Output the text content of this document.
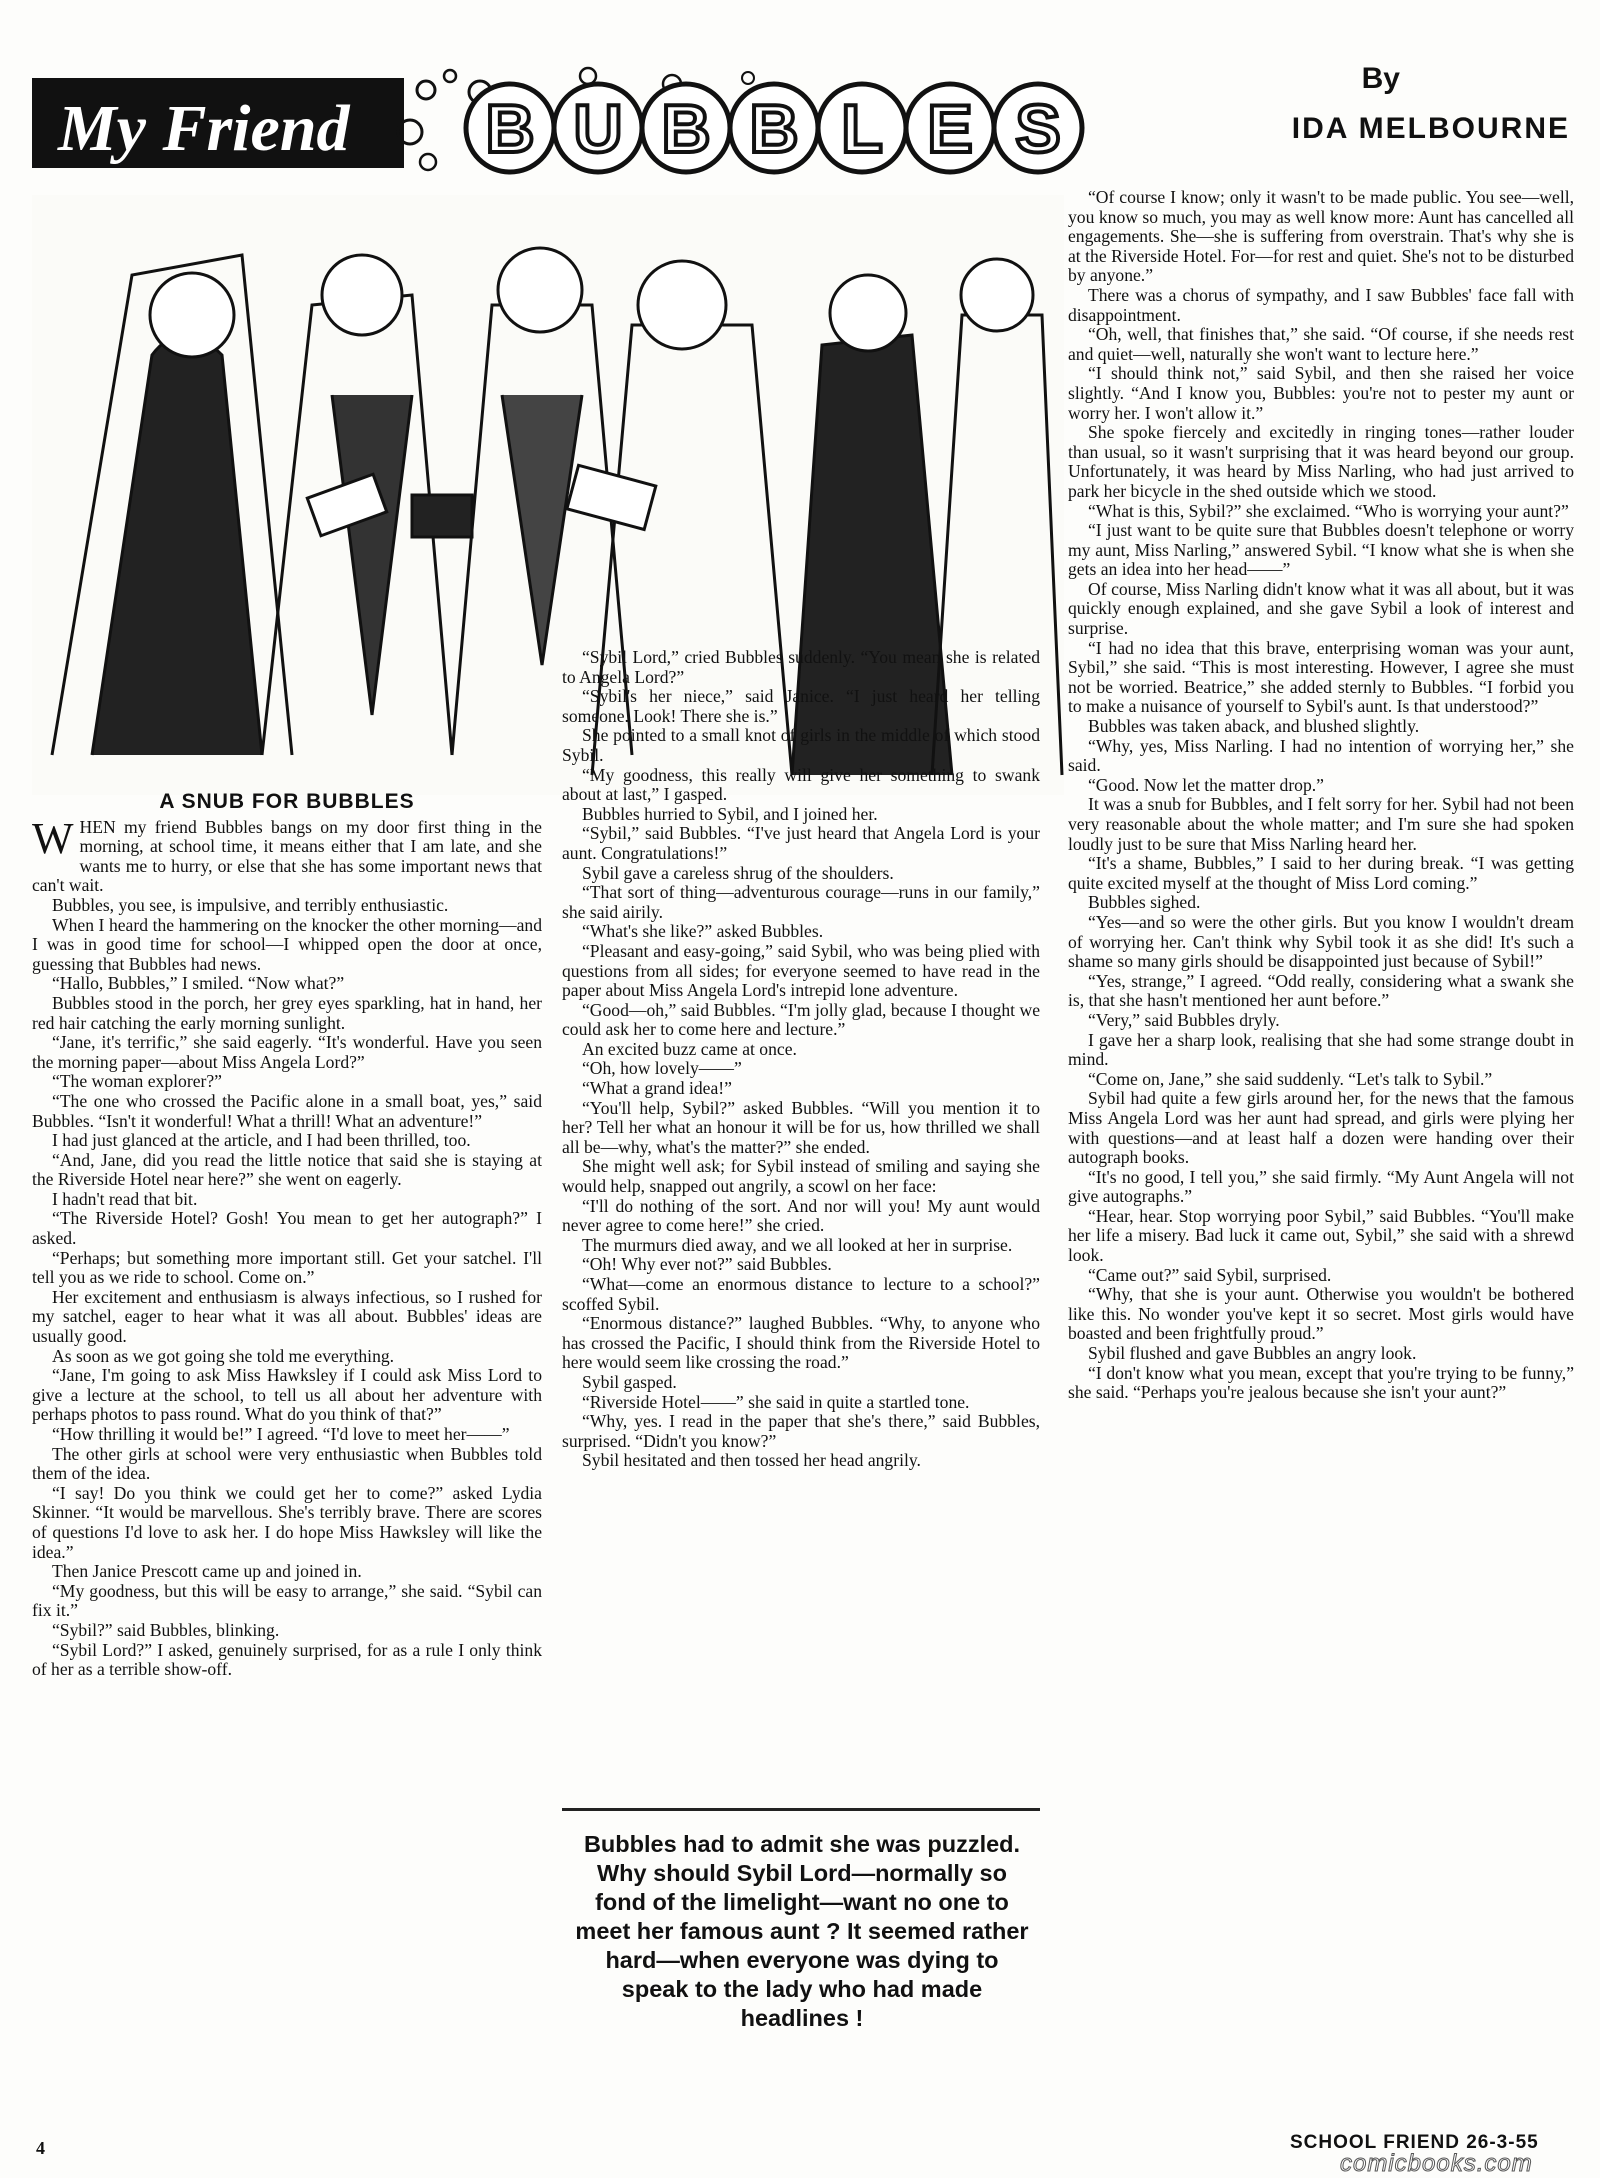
My Friend B U B B L E S
By
IDA MELBOURNE
A SNUB FOR BUBBLES

WHEN my friend Bubbles bangs on my door first thing in the morning, at school time, it means either that I am late, and she wants me to hurry, or else that she has some important news that can't wait.

Bubbles, you see, is impulsive, and terribly enthusiastic.

When I heard the hammering on the knocker the other morning—and I was in good time for school—I whipped open the door at once, guessing that Bubbles had news.

“Hallo, Bubbles,” I smiled. “Now what?”

Bubbles stood in the porch, her grey eyes sparkling, hat in hand, her red hair catching the early morning sunlight.

“Jane, it's terrific,” she said eagerly. “It's wonderful. Have you seen the morning paper—about Miss Angela Lord?”

“The woman explorer?”

“The one who crossed the Pacific alone in a small boat, yes,” said Bubbles. “Isn't it wonderful! What a thrill! What an adventure!”

I had just glanced at the article, and I had been thrilled, too.

“And, Jane, did you read the little notice that said she is staying at the Riverside Hotel near here?” she went on eagerly.

I hadn't read that bit.

“The Riverside Hotel? Gosh! You mean to get her autograph?” I asked.

“Perhaps; but something more important still. Get your satchel. I'll tell you as we ride to school. Come on.”

Her excitement and enthusiasm is always infectious, so I rushed for my satchel, eager to hear what it was all about. Bubbles' ideas are usually good.

As soon as we got going she told me everything.

“Jane, I'm going to ask Miss Hawksley if I could ask Miss Lord to give a lecture at the school, to tell us all about her adventure with perhaps photos to pass round. What do you think of that?”

“How thrilling it would be!” I agreed. “I'd love to meet her——”

The other girls at school were very enthusiastic when Bubbles told them of the idea.

“I say! Do you think we could get her to come?” asked Lydia Skinner. “It would be marvellous. She's terribly brave. There are scores of questions I'd love to ask her. I do hope Miss Hawksley will like the idea.”

Then Janice Prescott came up and joined in.

“My goodness, but this will be easy to arrange,” she said. “Sybil can fix it.”

“Sybil?” said Bubbles, blinking.

“Sybil Lord?” I asked, genuinely surprised, for as a rule I only think of her as a terrible show-off.

“Sybil Lord,” cried Bubbles suddenly. “You mean she is related to Angela Lord?”

“Sybil's her niece,” said Janice. “I just heard her telling someone. Look! There she is.”

She pointed to a small knot of girls in the middle of which stood Sybil.

“My goodness, this really will give her something to swank about at last,” I gasped.

Bubbles hurried to Sybil, and I joined her.

“Sybil,” said Bubbles. “I've just heard that Angela Lord is your aunt. Congratulations!”

Sybil gave a careless shrug of the shoulders.

“That sort of thing—adventurous courage—runs in our family,” she said airily.

“What's she like?” asked Bubbles.

“Pleasant and easy-going,” said Sybil, who was being plied with questions from all sides; for everyone seemed to have read in the paper about Miss Angela Lord's intrepid lone adventure.

“Good—oh,” said Bubbles. “I'm jolly glad, because I thought we could ask her to come here and lecture.”

An excited buzz came at once.

“Oh, how lovely——”

“What a grand idea!”

“You'll help, Sybil?” asked Bubbles. “Will you mention it to her? Tell her what an honour it will be for us, how thrilled we shall all be—why, what's the matter?” she ended.

She might well ask; for Sybil instead of smiling and saying she would help, snapped out angrily, a scowl on her face:

“I'll do nothing of the sort. And nor will you! My aunt would never agree to come here!” she cried.

The murmurs died away, and we all looked at her in surprise.

“Oh! Why ever not?” said Bubbles.

“What—come an enormous distance to lecture to a school?” scoffed Sybil.

“Enormous distance?” laughed Bubbles. “Why, to anyone who has crossed the Pacific, I should think from the Riverside Hotel to here would seem like crossing the road.”

Sybil gasped.

“Riverside Hotel——” she said in quite a startled tone.

“Why, yes. I read in the paper that she's there,” said Bubbles, surprised. “Didn't you know?”

Sybil hesitated and then tossed her head angrily.

Bubbles had to admit she was puzzled. Why should Sybil Lord—normally so fond of the limelight—want no one to meet her famous aunt ? It seemed rather hard—when everyone was dying to speak to the lady who had made headlines !

“Of course I know; only it wasn't to be made public. You see—well, you know so much, you may as well know more: Aunt has cancelled all engagements. She—she is suffering from overstrain. That's why she is at the Riverside Hotel. For—for rest and quiet. She's not to be disturbed by anyone.”

There was a chorus of sympathy, and I saw Bubbles' face fall with disappointment.

“Oh, well, that finishes that,” she said. “Of course, if she needs rest and quiet—well, naturally she won't want to lecture here.”

“I should think not,” said Sybil, and then she raised her voice slightly. “And I know you, Bubbles: you're not to pester my aunt or worry her. I won't allow it.”

She spoke fiercely and excitedly in ringing tones—rather louder than usual, so it wasn't surprising that it was heard beyond our group. Unfortunately, it was heard by Miss Narling, who had just arrived to park her bicycle in the shed outside which we stood.

“What is this, Sybil?” she exclaimed. “Who is worrying your aunt?”

“I just want to be quite sure that Bubbles doesn't telephone or worry my aunt, Miss Narling,” answered Sybil. “I know what she is when she gets an idea into her head——”

Of course, Miss Narling didn't know what it was all about, but it was quickly enough explained, and she gave Sybil a look of interest and surprise.

“I had no idea that this brave, enterprising woman was your aunt, Sybil,” she said. “This is most interesting. However, I agree she must not be worried. Beatrice,” she added sternly to Bubbles. “I forbid you to make a nuisance of yourself to Sybil's aunt. Is that understood?”

Bubbles was taken aback, and blushed slightly.

“Why, yes, Miss Narling. I had no intention of worrying her,” she said.

“Good. Now let the matter drop.”

It was a snub for Bubbles, and I felt sorry for her. Sybil had not been very reasonable about the whole matter; and I'm sure she had spoken loudly just to be sure that Miss Narling heard her.

“It's a shame, Bubbles,” I said to her during break. “I was getting quite excited myself at the thought of Miss Lord coming.”

Bubbles sighed.

“Yes—and so were the other girls. But you know I wouldn't dream of worrying her. Can't think why Sybil took it as she did! It's such a shame so many girls should be disappointed just because of Sybil!”

“Yes, strange,” I agreed. “Odd really, considering what a swank she is, that she hasn't mentioned her aunt before.”

“Very,” said Bubbles dryly.

I gave her a sharp look, realising that she had some strange doubt in mind.

“Come on, Jane,” she said suddenly. “Let's talk to Sybil.”

Sybil had quite a few girls around her, for the news that the famous Miss Angela Lord was her aunt had spread, and girls were plying her with questions—and at least half a dozen were handing over their autograph books.

“It's no good, I tell you,” she said firmly. “My Aunt Angela will not give autographs.”

“Hear, hear. Stop worrying poor Sybil,” said Bubbles. “You'll make her life a misery. Bad luck it came out, Sybil,” she said with a shrewd look.

“Came out?” said Sybil, surprised.

“Why, that she is your aunt. Otherwise you wouldn't be bothered like this. No wonder you've kept it so secret. Most girls would have boasted and been frightfully proud.”

Sybil flushed and gave Bubbles an angry look.

“I don't know what you mean, except that you're trying to be funny,” she said. “Perhaps you're jealous because she isn't your aunt?”

4	SCHOOL FRIEND 26-3-55
comicbooks.com
